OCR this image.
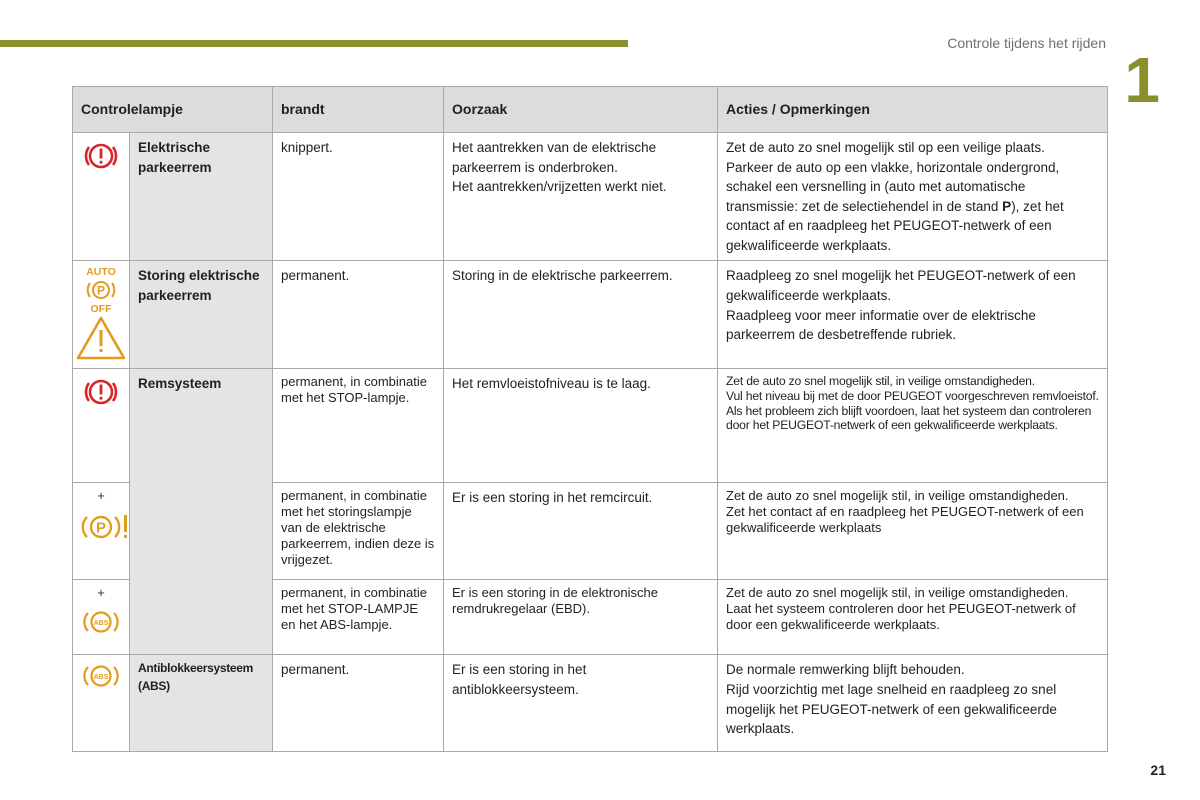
Controle tijdens het rijden
1
Controlelampje		brandt	Oorzaak	Acties / Opmerkingen
	Elektrische parkeerrem	knippert.	Het aantrekken van de elektrische parkeerrem is onderbroken.
Het aantrekken/vrijzetten werkt niet.	Zet de auto zo snel mogelijk stil op een veilige plaats.
Parkeer de auto op een vlakke, horizontale ondergrond, schakel een versnelling in (auto met automatische transmissie: zet de selectiehendel in de stand P), zet het contact af en raadpleeg het PEUGEOT-netwerk of een gekwalificeerde werkplaats.

AUTO
P
OFF	Storing elektrische parkeerrem	permanent.	Storing in de elektrische parkeerrem.	Raadpleeg zo snel mogelijk het PEUGEOT-netwerk of een gekwalificeerde werkplaats.
Raadpleeg voor meer informatie over de elektrische parkeerrem de desbetreffende rubriek.
	Remsysteem	permanent, in combinatie met het STOP-lampje.	Het remvloeistofniveau is te laag.	Zet de auto zo snel mogelijk stil, in veilige omstandigheden.
Vul het niveau bij met de door PEUGEOT voorgeschreven remvloeistof.
Als het probleem zich blijft voordoen, laat het systeem dan controleren door het PEUGEOT-netwerk of een gekwalificeerde werkplaats.

+
P		permanent, in combinatie met het storingslampje van de elektrische parkeerrem, indien deze is vrijgezet.	Er is een storing in het remcircuit.	Zet de auto zo snel mogelijk stil, in veilige omstandigheden.
Zet het contact af en raadpleeg het PEUGEOT-netwerk of een gekwalificeerde werkplaats

+
ABS		permanent, in combinatie met het STOP-LAMPJE en het ABS-lampje.	Er is een storing in de elektronische remdrukregelaar (EBD).	Zet de auto zo snel mogelijk stil, in veilige omstandigheden.
Laat het systeem controleren door het PEUGEOT-netwerk of door een gekwalificeerde werkplaats.

ABS	Antiblokkeersysteem (ABS)	permanent.	Er is een storing in het antiblokkeersysteem.	De normale remwerking blijft behouden.
Rijd voorzichtig met lage snelheid en raadpleeg zo snel mogelijk het PEUGEOT-netwerk of een gekwalificeerde werkplaats.
21
